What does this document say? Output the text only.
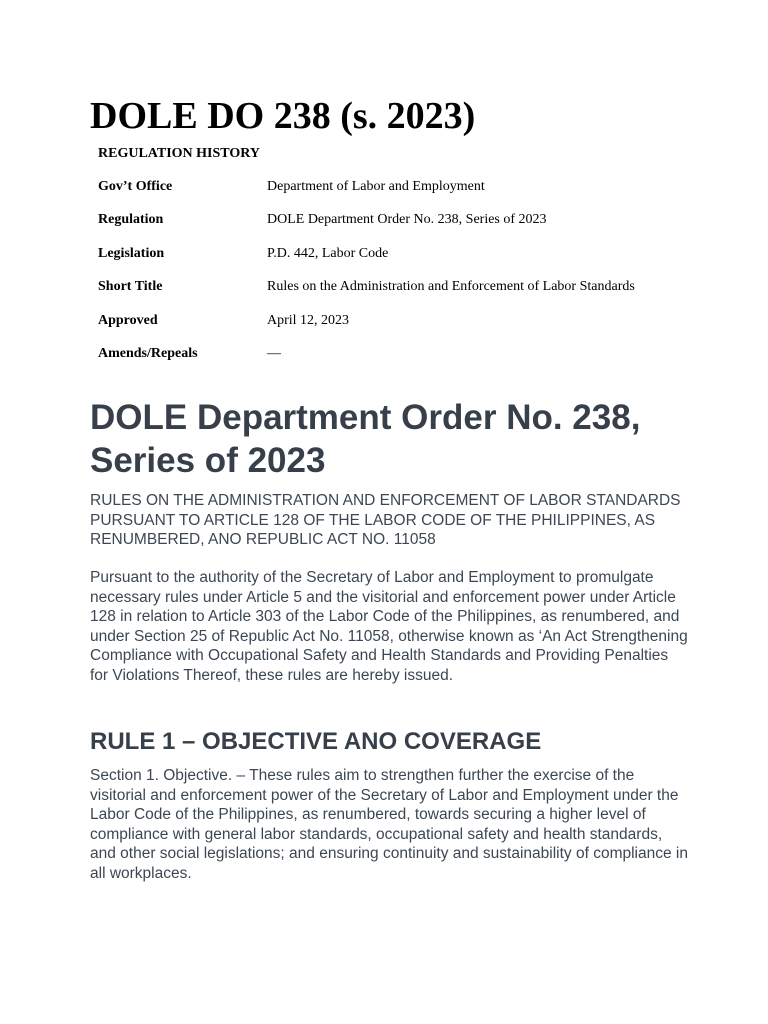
DOLE DO 238 (s. 2023)
REGULATION HISTORY
Gov’t Office	Department of Labor and Employment
Regulation	DOLE Department Order No. 238, Series of 2023
Legislation	P.D. 442, Labor Code
Short Title	Rules on the Administration and Enforcement of Labor Standards
Approved	April 12, 2023
Amends/Repeals	—
DOLE Department Order No. 238, Series of 2023

RULES ON THE ADMINISTRATION AND ENFORCEMENT OF LABOR STANDARDS PURSUANT TO ARTICLE 128 OF THE LABOR CODE OF THE PHILIPPINES, AS RENUMBERED, ANO REPUBLIC ACT NO. 11058

Pursuant to the authority of the Secretary of Labor and Employment to promulgate necessary rules under Article 5 and the visitorial and enforcement power under Article 128 in relation to Article 303 of the Labor Code of the Philippines, as renumbered, and under Section 25 of Republic Act No. 11058, otherwise known as ‘An Act Strengthening Compliance with Occupational Safety and Health Standards and Providing Penalties for Violations Thereof, these rules are hereby issued.

RULE 1 – OBJECTIVE ANO COVERAGE

Section 1. Objective. – These rules aim to strengthen further the exercise of the visitorial and enforcement power of the Secretary of Labor and Employment under the Labor Code of the Philippines, as renumbered, towards securing a higher level of compliance with general labor standards, occupational safety and health standards, and other social legislations; and ensuring continuity and sustainability of compliance in all workplaces.
